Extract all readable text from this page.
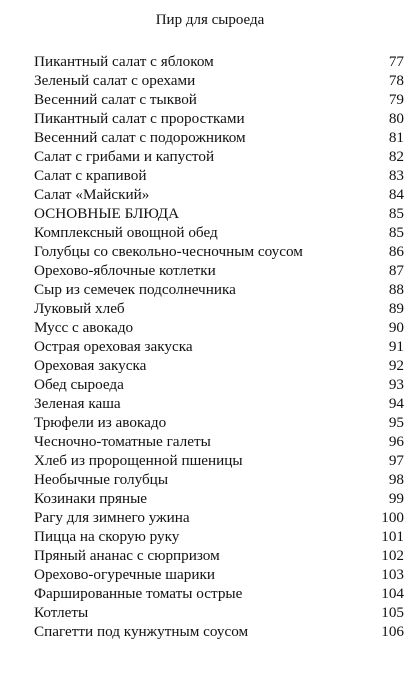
Пир для сыроеда
Пикантный салат с яблоком	77
Зеленый салат с орехами	78
Весенний салат с тыквой	79
Пикантный салат с проростками	80
Весенний салат с подорожником	81
Салат с грибами и капустой	82
Салат с крапивой	83
Салат «Майский»	84
ОСНОВНЫЕ БЛЮДА	85
Комплексный овощной обед	85
Голубцы со свекольно-чесночным соусом	86
Орехово-яблочные котлетки	87
Сыр из семечек подсолнечника	88
Луковый хлеб	89
Мусс с авокадо	90
Острая ореховая закуска	91
Ореховая закуска	92
Обед сыроеда	93
Зеленая каша	94
Трюфели из авокадо	95
Чесночно-томатные галеты	96
Хлеб из пророщенной пшеницы	97
Необычные голубцы	98
Козинаки пряные	99
Рагу для зимнего ужина	100
Пицца на скорую руку	101
Пряный ананас с сюрпризом	102
Орехово-огуречные шарики	103
Фаршированные томаты острые	104
Котлеты	105
Спагетти под кунжутным соусом	106
